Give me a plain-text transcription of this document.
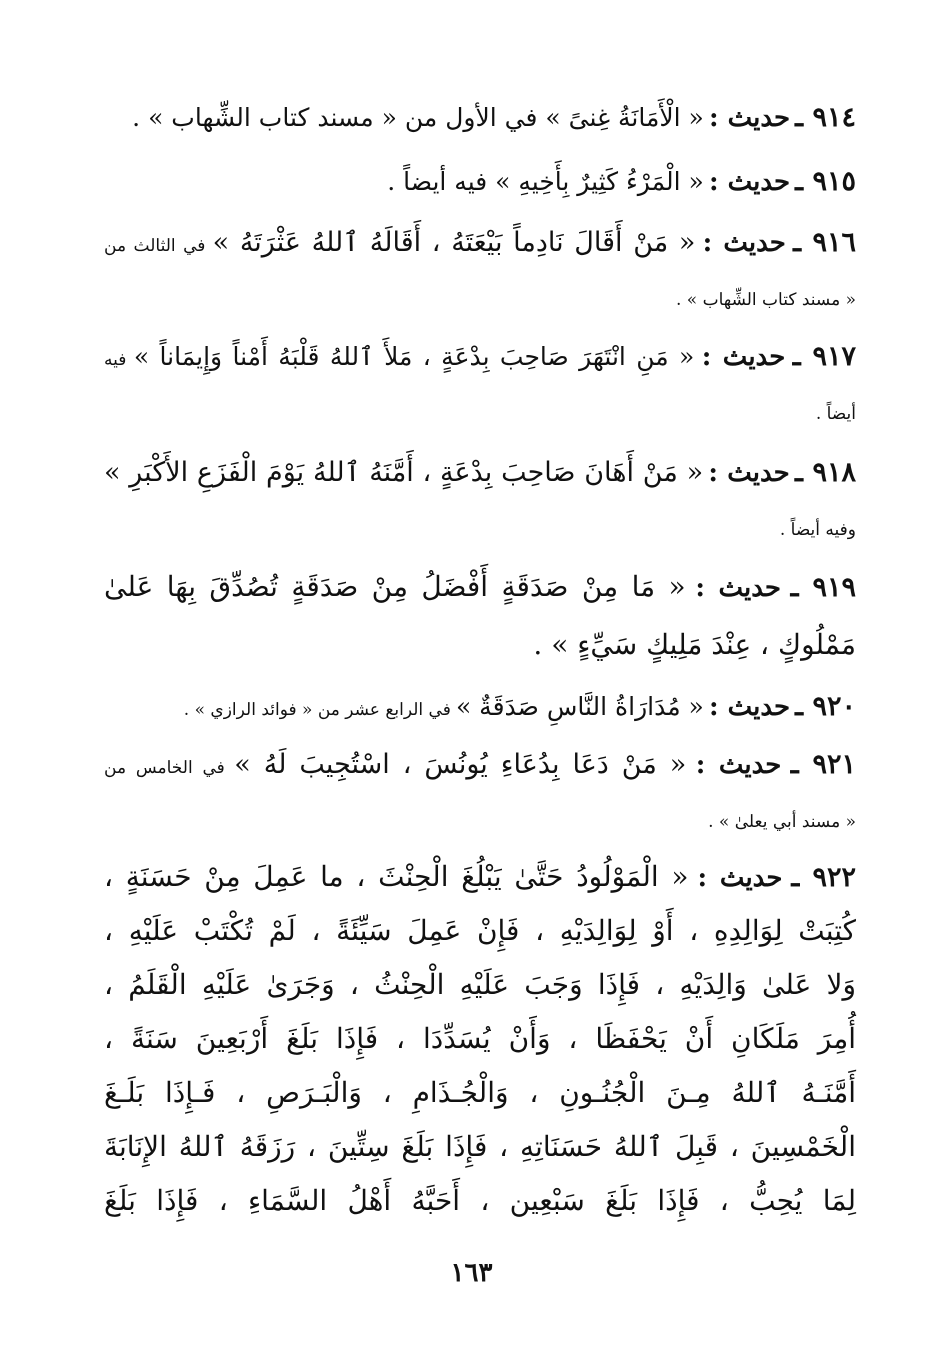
٩١٤ ـ حديث : « الْأَمَانَةُ غِنىً » في الأول من « مسند كتاب الشِّهاب » .
٩١٥ ـ حديث : « الْمَرْءُ كَثِيرٌ بِأَخِيهِ » فيه أيضاً .
٩١٦ ـ حديث : « مَنْ أَقَالَ نَادِماً بَيْعَتَهُ ، أَقَالَهُ ٱللهُ عَثْرَتَهُ » في الثالث من
« مسند كتاب الشِّهاب » .
٩١٧ ـ حديث : « مَنِ انْتَهَرَ صَاحِبَ بِدْعَةٍ ، مَلأَ ٱللهُ قَلْبَهُ أَمْناً وَإِيمَاناً » فيه
أيضاً .
٩١٨ ـ حديث : « مَنْ أَهَانَ صَاحِبَ بِدْعَةٍ ، أَمَّنَهُ ٱللهُ يَوْمَ الْفَزَعِ الأَكْبَرِ »
وفيه أيضاً .
٩١٩ ـ حديث : « مَا مِنْ صَدَقَةٍ أَفْضَلُ مِنْ صَدَقَةٍ تُصُدِّقَ بِهَا عَلىٰ
مَمْلُوكٍ ، عِنْدَ مَلِيكٍ سَيِّءٍ » .
٩٢٠ ـ حديث : « مُدَارَاةُ النَّاسِ صَدَقَةٌ » في الرابع عشر من « فوائد الرازي » .
٩٢١ ـ حديث : « مَنْ دَعَا بِدُعَاءِ يُونُسَ ، اسْتُجِيبَ لَهُ » في الخامس من
« مسند أبي يعلىٰ » .
٩٢٢ ـ حديث : « الْمَوْلُودُ حَتَّىٰ يَبْلُغَ الْحِنْثَ ، ما عَمِلَ مِنْ حَسَنَةٍ ،
كُتِبَتْ لِوَالِدِهِ ، أَوْ لِوَالِدَيْهِ ، فَإِنْ عَمِلَ سَيِّئَةً ، لَمْ تُكْتَبْ عَلَيْهِ ،
وَلا عَلىٰ وَالِدَيْهِ ، فَإِذَا وَجَبَ عَلَيْهِ الْحِنْثُ ، وَجَرَىٰ عَلَيْهِ الْقَلَمُ ،
أُمِرَ مَلَكَانِ أَنْ يَحْفَظَا ، وَأَنْ يُسَدِّدَا ، فَإِذَا بَلَغَ أَرْبَعِينَ سَنَةً ،
أَمَّنَـهُ ٱللهُ مِـنَ الْجُنُـونِ ، وَالْجُـذَامِ ، وَالْبَـرَصِ ، فَـإِذَا بَلَـغَ
الْخَمْسِينَ ، قَبِلَ ٱللهُ حَسَنَاتِهِ ، فَإِذَا بَلَغَ سِتِّينَ ، رَزَقَهُ ٱللهُ الإِنَابَةَ
لِمَا يُحِبُّ ، فَإِذَا بَلَغَ سَبْعِين ، أَحَبَّهُ أَهْلُ السَّمَاءِ ، فَإِذَا بَلَغَ
١٦٣
